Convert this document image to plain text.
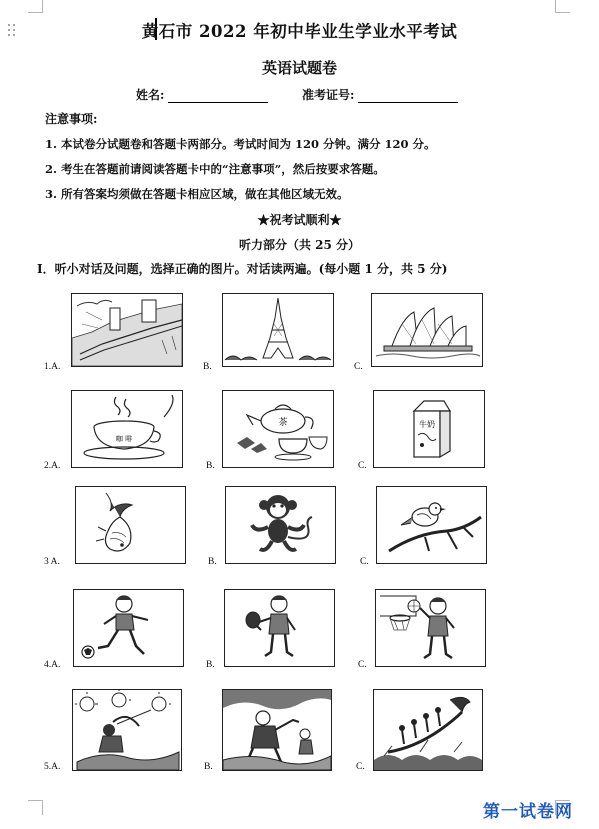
黄石市 2022 年初中毕业生学业水平考试
英语试题卷
姓名:	准考证号:
注意事项:
1. 本试卷分试题卷和答题卡两部分。考试时间为 120 分钟。满分 120 分。
2. 考生在答题前请阅读答题卡中的“注意事项”，然后按要求答题。
3. 所有答案均须做在答题卡相应区域，做在其他区域无效。
★祝考试顺利★
听力部分（共 25 分）
I．听小对话及问题，选择正确的图片。对话读两遍。(每小题 1 分，共 5 分)
1.A.	B.	C.
咖 啡
茶	牛奶
2.A.	B.	C.
3 A.	B.	C.
4.A.	B.	C.
5.A.	B.	C.
第一试卷网
